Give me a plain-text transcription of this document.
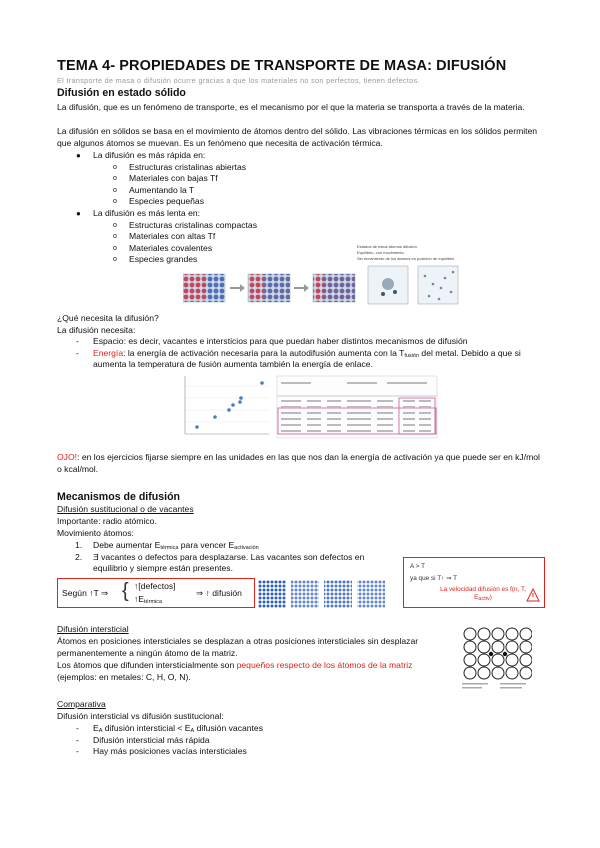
TEMA 4- PROPIEDADES DE TRANSPORTE DE MASA: DIFUSIÓN
El transporte de masa o difusión ocurre gracias a que los materiales no son perfectos, tienen defectos.
Difusión en estado sólido
La difusión, que es un fenómeno de transporte, es el mecanismo por el que la materia se transporta a través de la materia.
La difusión en sólidos se basa en el movimiento de átomos dentro del sólido. Las vibraciones térmicas en los sólidos permiten que algunos átomos se muevan. Es un fenómeno que necesita de activación térmica.
● La difusión es más rápida en:
o Estructuras cristalinas abiertas
o Materiales con bajas Tf
o Aumentando la T
o Especies pequeñas
● La difusión es más lenta en:
o Estructuras cristalinas compactas
o Materiales con altas Tf
o Materiales covalentes
o Especies grandes
Estados de estos átomos difusión
Equilibrio, con movimiento
Sin movimiento de los átomos en posición de equilibrio
¿Qué necesita la difusión?
La difusión necesita:
- Espacio: es decir, vacantes e intersticios para que puedan haber distintos mecanismos de difusión
- Energía: la energía de activación necesaria para la autodifusión aumenta con la $T_{fusión}$ del metal. Debido a que si aumenta la temperatura de fusión aumenta también la energía de enlace.
OJO!: en los ejercicios fijarse siempre en las unidades en las que nos dan la energía de activación ya que puede ser en kJ/mol o kcal/mol.
Mecanismos de difusión
Difusión sustitucional o de vacantes
Importante: radio atómico.
Movimiento átomos:
1. Debe aumentar $E_{térmica}$ para vencer $E_{activación}$
2. Ǝ vacantes o defectos para desplazarse. Las vacantes son defectos en equilibrio y siempre están presentes.
Según ↑T ⇒ { ↑[defectos]
$↑E_{térmica}$
⇒ ↑ difusión
A > T
ya que si T↑ ⇒ T
La velocidad difusión es f(n, T, $E_{activ}$)
Difusión intersticial
Átomos en posiciones intersticiales se desplazan a otras posiciones intersticiales sin desplazar permanentemente a ningún átomo de la matriz.
Los átomos que difunden intersticialmente son pequeños respecto de los átomos de la matriz
(ejemplos: en metales: C, H, O, N).
Comparativa
Difusión intersticial vs difusión sustitucional:
- $E_A$ difusión intersticial < $E_A$ difusión vacantes
- Difusión intersticial más rápida
- Hay más posiciones vacías intersticiales
